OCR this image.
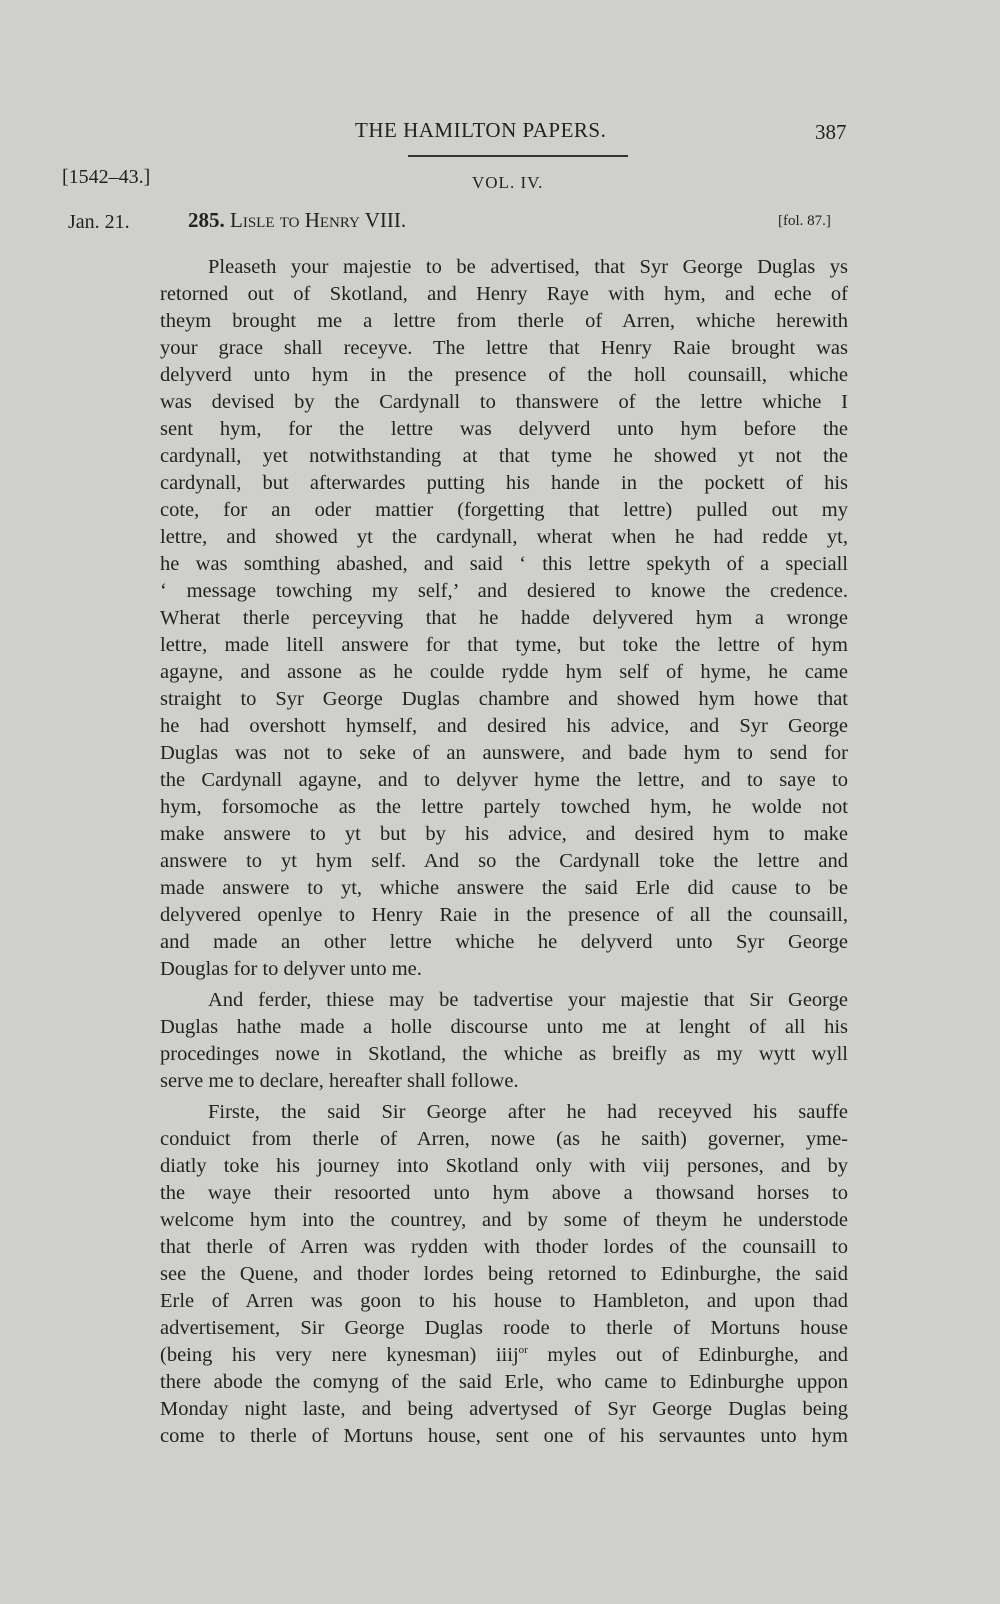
THE HAMILTON PAPERS.	387
[1542–43.]	VOL. IV.
Jan. 21.	285. Lisle to Henry VIII.	[fol. 87.]
Pleaseth your majestie to be advertised, that Syr George Duglas ys
retorned out of Skotland, and Henry Raye with hym, and eche of
theym brought me a lettre from therle of Arren, whiche herewith
your grace shall receyve. The lettre that Henry Raie brought was
delyverd unto hym in the presence of the holl counsaill, whiche
was devised by the Cardynall to thanswere of the lettre whiche I
sent hym, for the lettre was delyverd unto hym before the
cardynall, yet notwithstanding at that tyme he showed yt not the
cardynall, but afterwardes putting his hande in the pockett of his
cote, for an oder mattier (forgetting that lettre) pulled out my
lettre, and showed yt the cardynall, wherat when he had redde yt,
he was somthing abashed, and said ‘ this lettre spekyth of a speciall
‘ message towching my self,’ and desiered to knowe the credence.
Wherat therle perceyving that he hadde delyvered hym a wronge
lettre, made litell answere for that tyme, but toke the lettre of hym
agayne, and assone as he coulde rydde hym self of hyme, he came
straight to Syr George Duglas chambre and showed hym howe that
he had overshott hymself, and desired his advice, and Syr George
Duglas was not to seke of an aunswere, and bade hym to send for
the Cardynall agayne, and to delyver hyme the lettre, and to saye to
hym, forsomoche as the lettre partely towched hym, he wolde not
make answere to yt but by his advice, and desired hym to make
answere to yt hym self. And so the Cardynall toke the lettre and
made answere to yt, whiche answere the said Erle did cause to be
delyvered openlye to Henry Raie in the presence of all the counsaill,
and made an other lettre whiche he delyverd unto Syr George
Douglas for to delyver unto me.
And ferder, thiese may be tadvertise your majestie that Sir George
Duglas hathe made a holle discourse unto me at lenght of all his
procedinges nowe in Skotland, the whiche as breifly as my wytt wyll
serve me to declare, hereafter shall followe.
Firste, the said Sir George after he had receyved his sauffe
conduict from therle of Arren, nowe (as he saith) governer, yme-
diatly toke his journey into Skotland only with viij persones, and by
the waye their resoorted unto hym above a thowsand horses to
welcome hym into the countrey, and by some of theym he understode
that therle of Arren was rydden with thoder lordes of the counsaill to
see the Quene, and thoder lordes being retorned to Edinburghe, the said
Erle of Arren was goon to his house to Hambleton, and upon thad
advertisement, Sir George Duglas roode to therle of Mortuns house
(being his very nere kynesman) iiij$^{or}$ myles out of Edinburghe, and
there abode the comyng of the said Erle, who came to Edinburghe uppon
Monday night laste, and being advertysed of Syr George Duglas being
come to therle of Mortuns house, sent one of his servauntes unto hym
